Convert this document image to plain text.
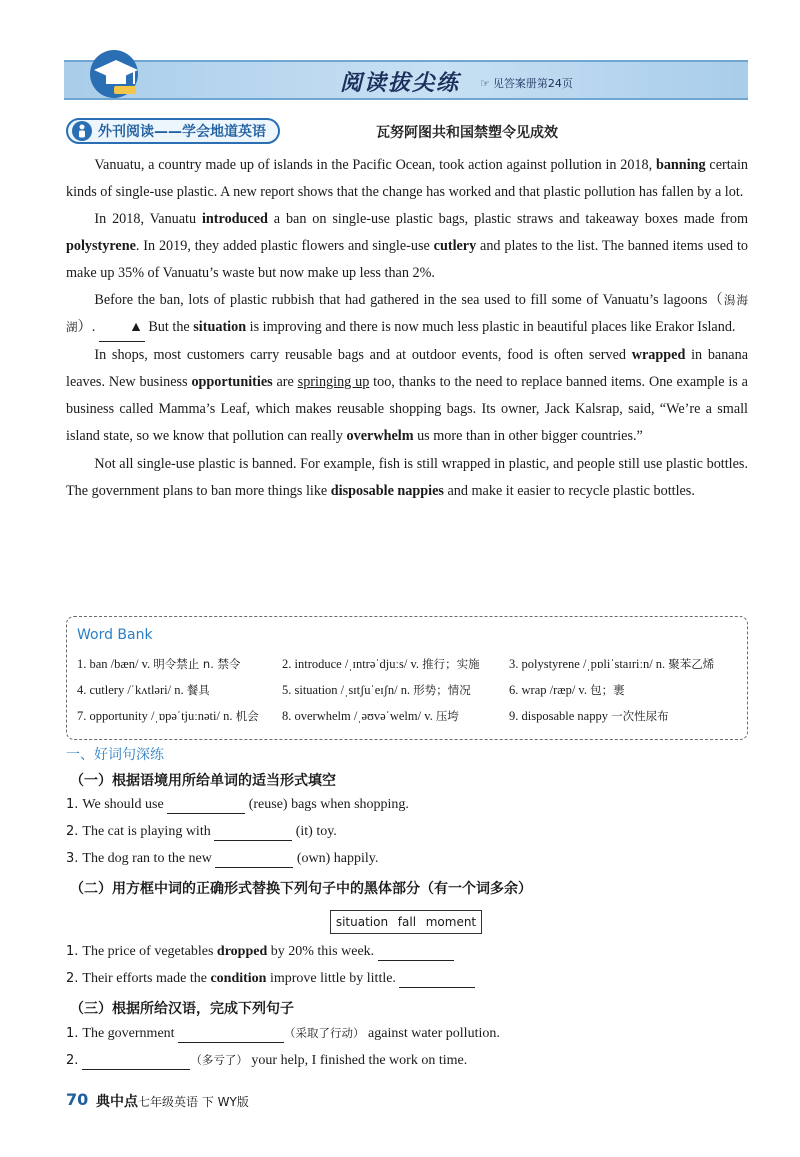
阅读拔尖练 ☞ 见答案册第24页
外刊阅读——学会地道英语	瓦努阿图共和国禁塑令见成效

Vanuatu, a country made up of islands in the Pacific Ocean, took action against pollution in 2018, banning certain kinds of single-use plastic. A new report shows that the change has worked and that plastic pollution has fallen by a lot.

In 2018, Vanuatu introduced a ban on single-use plastic bags, plastic straws and takeaway boxes made from polystyrene. In 2019, they added plastic flowers and single-use cutlery and plates to the list. The banned items used to make up 35% of Vanuatu’s waste but now make up less than 2%.

Before the ban, lots of plastic rubbish that had gathered in the sea used to fill some of Vanuatu’s lagoons（潟海湖）. ▲ But the situation is improving and there is now much less plastic in beautiful places like Erakor Island.

In shops, most customers carry reusable bags and at outdoor events, food is often served wrapped in banana leaves. New business opportunities are springing up too, thanks to the need to replace banned items. One example is a business called Mamma’s Leaf, which makes reusable shopping bags. Its owner, Jack Kalsrap, said, “We’re a small island state, so we know that pollution can really overwhelm us more than in other bigger countries.”

Not all single-use plastic is banned. For example, fish is still wrapped in plastic, and people still use plastic bottles. The government plans to ban more things like disposable nappies and make it easier to recycle plastic bottles.

Word Bank
1. ban /bæn/ v. 明令禁止 n. 禁令	2. introduce /ˌɪntrəˈdjuːs/ v. 推行；实施	3. polystyrene /ˌpɒliˈstaɪriːn/ n. 聚苯乙烯
4. cutlery /ˈkʌtləri/ n. 餐具	5. situation /ˌsɪtʃuˈeɪʃn/ n. 形势；情况	6. wrap /ræp/ v. 包；裹
7. opportunity /ˌɒpəˈtjuːnəti/ n. 机会	8. overwhelm /ˌəʊvəˈwelm/ v. 压垮	9. disposable nappy 一次性尿布
一、好词句深练
（一）根据语境用所给单词的适当形式填空
1. We should use	(reuse) bags when shopping.
2. The cat is playing with	(it) toy.
3. The dog ran to the new	(own) happily.
（二）用方框中词的正确形式替换下列句子中的黑体部分（有一个词多余）
situation fall moment
1. The price of vegetables dropped by 20% this week.
2. Their efforts made the condition improve little by little.
（三）根据所给汉语，完成下列句子
1. The government	（采取了行动） against water pollution.
2.	（多亏了） your help, I finished the work on time.
70 典中点 七年级英语 下 WY版
